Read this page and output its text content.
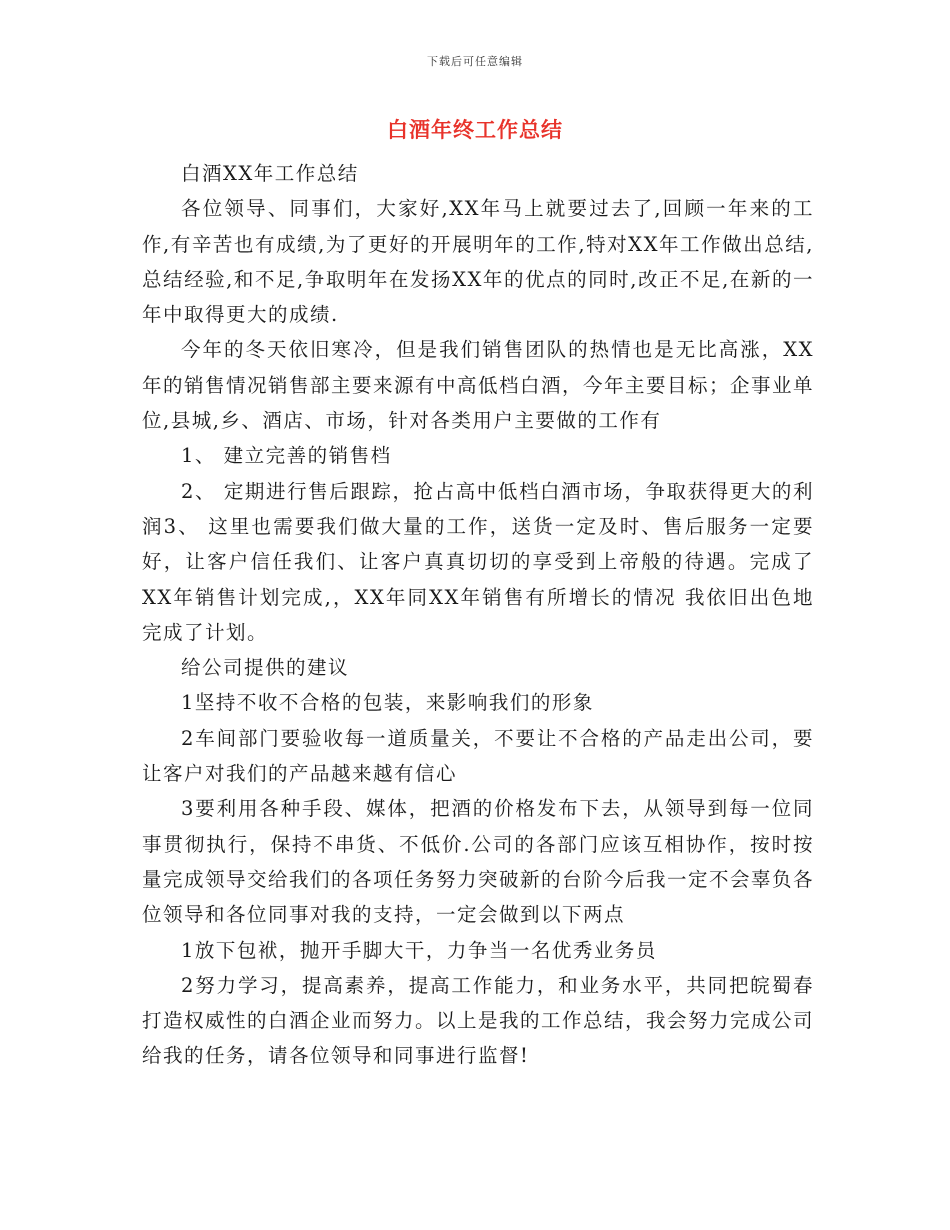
下载后可任意编辑
白酒年终工作总结

白酒XX年工作总结

各位领导、同事们，大家好,XX年马上就要过去了,回顾一年来的工作,有辛苦也有成绩,为了更好的开展明年的工作,特对XX年工作做出总结,总结经验,和不足,争取明年在发扬XX年的优点的同时,改正不足,在新的一年中取得更大的成绩.

今年的冬天依旧寒冷，但是我们销售团队的热情也是无比高涨，XX年的销售情况销售部主要来源有中高低档白酒，今年主要目标；企事业单位,县城,乡、酒店、市场，针对各类用户主要做的工作有

1、 建立完善的销售档

2、 定期进行售后跟踪，抢占高中低档白酒市场，争取获得更大的利润3、 这里也需要我们做大量的工作，送货一定及时、售后服务一定要好，让客户信任我们、让客户真真切切的享受到上帝般的待遇。完成了XX年销售计划完成,，XX年同XX年销售有所增长的情况 我依旧出色地完成了计划。

给公司提供的建议

1坚持不收不合格的包装，来影响我们的形象

2车间部门要验收每一道质量关，不要让不合格的产品走出公司，要让客户对我们的产品越来越有信心

3要利用各种手段、媒体，把酒的价格发布下去，从领导到每一位同事贯彻执行，保持不串货、不低价.公司的各部门应该互相协作，按时按量完成领导交给我们的各项任务努力突破新的台阶今后我一定不会辜负各位领导和各位同事对我的支持，一定会做到以下两点

1放下包袱，抛开手脚大干，力争当一名优秀业务员

2努力学习，提高素养，提高工作能力，和业务水平，共同把皖蜀春打造权威性的白酒企业而努力。以上是我的工作总结，我会努力完成公司给我的任务，请各位领导和同事进行监督!
